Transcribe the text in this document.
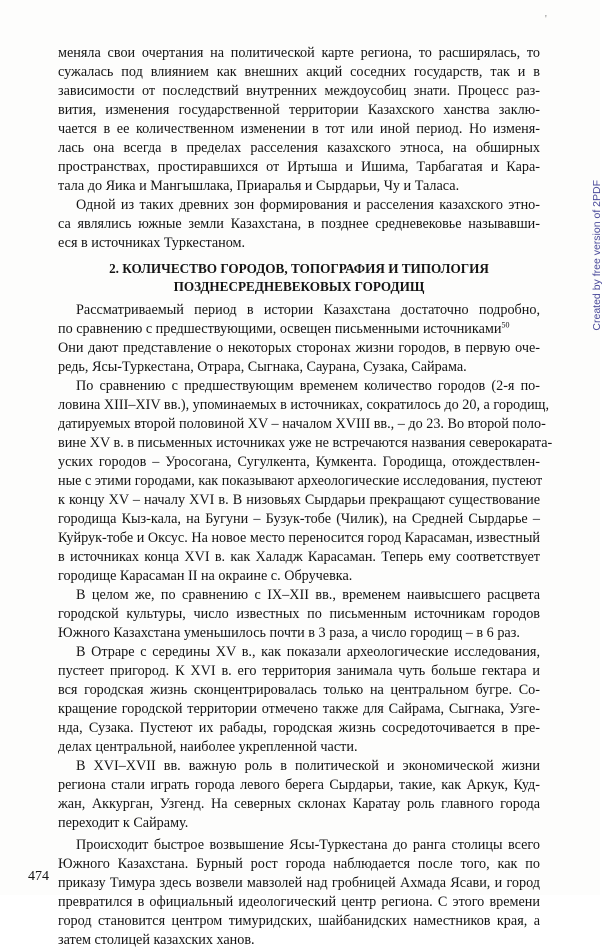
'
меняла свои очертания на политической карте региона, то расширялась, то
сужалась под влиянием как внешних акций соседних государств, так и в
зависимости от последствий внутренних междоусобиц знати. Процесс раз-
вития, изменения государственной территории Казахского ханства заклю-
чается в ее количественном изменении в тот или иной период. Но изменя-
лась она всегда в пределах расселения казахского этноса, на обширных
пространствах, простиравшихся от Иртыша и Ишима, Тарбагатая и Кара-
тала до Яика и Мангышлака, Приаралья и Сырдарьи, Чу и Таласа.
Одной из таких древних зон формирования и расселения казахского этно-
са являлись южные земли Казахстана, в позднее средневековье называвши-
еся в источниках Туркестаном.
2. КОЛИЧЕСТВО ГОРОДОВ, ТОПОГРАФИЯ И ТИПОЛОГИЯ
ПОЗДНЕСРЕДНЕВЕКОВЫХ ГОРОДИЩ
Рассматриваемый период в истории Казахстана достаточно подробно,
по сравнению с предшествующими, освещен письменными источниками$^{50}$
Они дают представление о некоторых сторонах жизни городов, в первую оче-
редь, Ясы-Туркестана, Отрара, Сыгнака, Саурана, Сузака, Сайрама.
По сравнению с предшествующим временем количество городов (2-я по-
ловина XIII–XIV вв.), упоминаемых в источниках, сократилось до 20, а городищ,
датируемых второй половиной XV – началом XVIII вв., – до 23. Во второй поло-
вине XV в. в письменных источниках уже не встречаются названия северокарата-
уских городов – Уросогана, Сугулкента, Кумкента. Городища, отождествлен-
ные с этими городами, как показывают археологические исследования, пустеют
к концу XV – началу XVI в. В низовьях Сырдарьи прекращают существование
городища Кыз-кала, на Бугуни – Бузук-тобе (Чилик), на Средней Сырдарье –
Куйрук-тобе и Оксус. На новое место переносится город Карасаман, известный
в источниках конца XVI в. как Халадж Карасаман. Теперь ему соответствует
городище Карасаман II на окраине с. Обручевка.
В целом же, по сравнению с IX–XII вв., временем наивысшего расцвета
городской культуры, число известных по письменным источникам городов
Южного Казахстана уменьшилось почти в 3 раза, а число городищ – в 6 раз.
В Отраре с середины XV в., как показали археологические исследования,
пустеет пригород. К XVI в. его территория занимала чуть больше гектара и
вся городская жизнь сконцентрировалась только на центральном бугре. Со-
кращение городской территории отмечено также для Сайрама, Сыгнака, Узге-
нда, Сузака. Пустеют их рабады, городская жизнь сосредоточивается в пре-
делах центральной, наиболее укрепленной части.
В XVI–XVII вв. важную роль в политической и экономической жизни
региона стали играть города левого берега Сырдарьи, такие, как Аркук, Куд-
жан, Аккурган, Узгенд. На северных склонах Каратау роль главного города
переходит к Сайраму.
Происходит быстрое возвышение Ясы-Туркестана до ранга столицы всего
Южного Казахстана. Бурный рост города наблюдается после того, как по
приказу Тимура здесь возвели мавзолей над гробницей Ахмада Ясави, и город
превратился в официальный идеологический центр региона. С этого времени
город становится центром тимуридских, шайбанидских наместников края, а
затем столицей казахских ханов.
474
Created by free version of 2PDF
